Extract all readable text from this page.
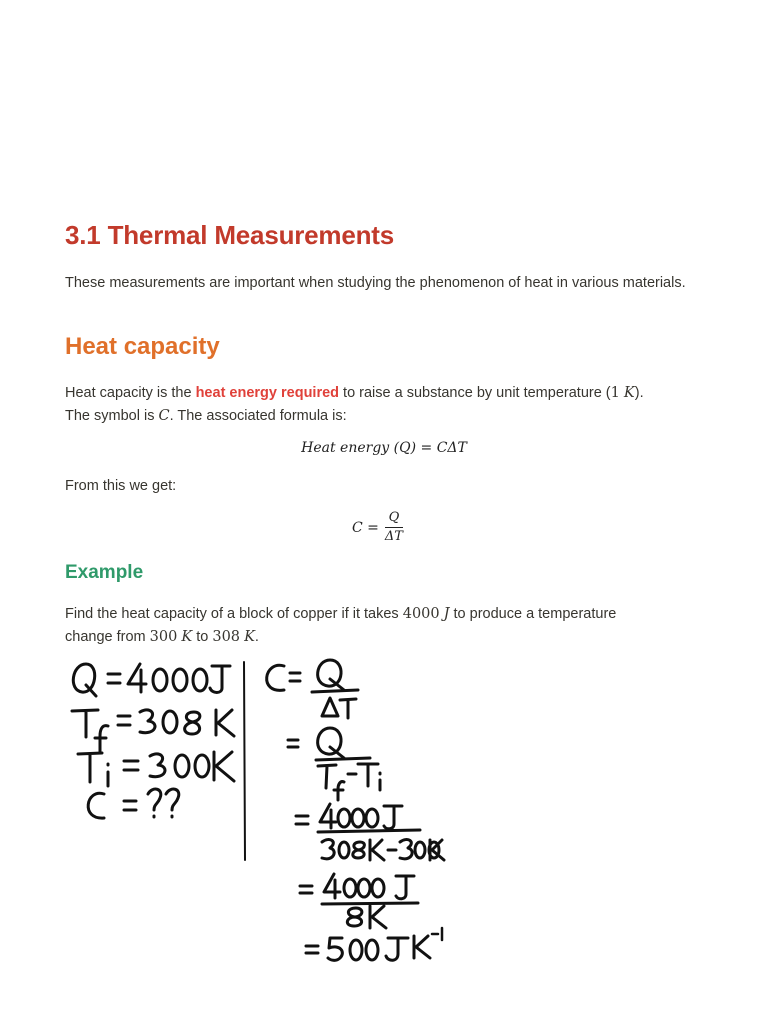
3.1 Thermal Measurements

These measurements are important when studying the phenomenon of heat in various materials.

Heat capacity

Heat capacity is the heat energy required to raise a substance by unit temperature (1 K).
The symbol is C. The associated formula is:

Heat energy (Q) = CΔT

From this we get:

$C = \frac{Q}{\Delta T}$
Example

Find the heat capacity of a block of copper if it takes 4000 J to produce a temperature
change from 300 K to 308 K.
